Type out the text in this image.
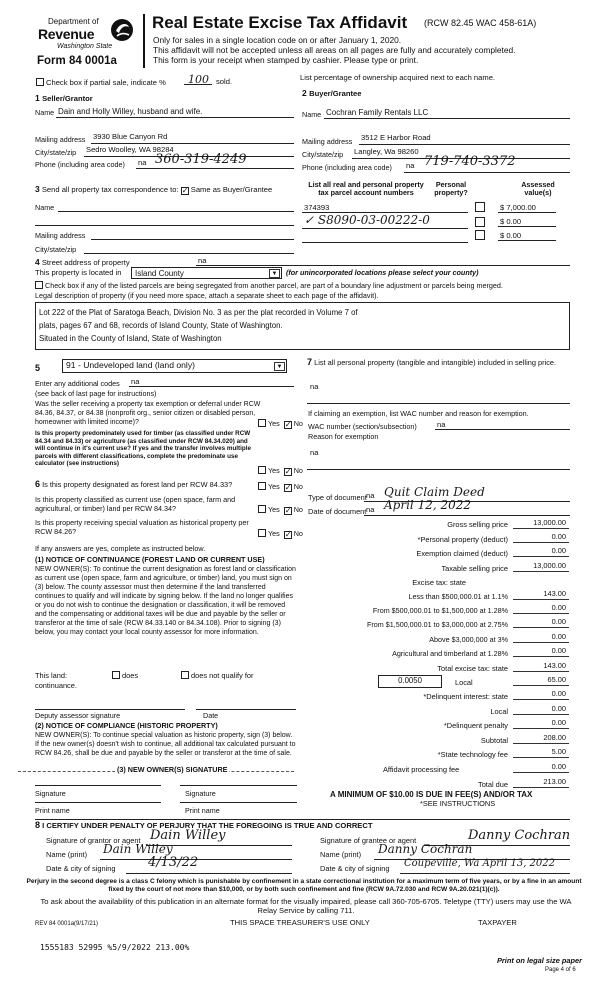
Department of
Revenue
Washington State
Form 84 0001a
Real Estate Excise Tax Affidavit (RCW 82.45 WAC 458-61A)
Only for sales in a single location code on or after January 1, 2020.
This affidavit will not be accepted unless all areas on all pages are fully and accurately completed.
This form is your receipt when stamped by cashier. Please type or print.
Check box if partial sale, indicate % 100 sold.	List percentage of ownership acquired next to each name.
1 Seller/Grantor
Name Dain and Holly Willey, husband and wife.
Mailing address 3930 Blue Canyon Rd
City/state/zip Sedro Woolley, WA 98284
Phone (including area code) na 360-319-4249
2 Buyer/Grantee
Name Cochran Family Rentals LLC
Mailing address 3512 E Harbor Road
City/state/zip Langley, Wa 98260
Phone (including area code) na 719-740-3372
3 Send all property tax correspondence to: ✓ Same as Buyer/Grantee
Name
Mailing address
City/state/zip
List all real and personal property tax parcel account numbers
Personal property?
Assessed value(s)
374393	$ 7,000.00
✓ S8090-03-00222-0	$ 0.00
$ 0.00
4 Street address of property	na
This property is located in	Island County	▼	(for unincorporated locations please select your county)
Check box if any of the listed parcels are being segregated from another parcel, are part of a boundary line adjustment or parcels being merged.
Legal description of property (if you need more space, attach a separate sheet to each page of the affidavit).
Lot 222 of the Plat of Saratoga Beach, Division No. 3 as per the plat recorded in Volume 7 of
plats, pages 67 and 68, records of Island County, State of Washington.
Situated in the County of Island, State of Washington
5	91 - Undeveloped land (land only)	▼
Enter any additional codes na
(see back of last page for instructions)
Was the seller receiving a property tax exemption or deferral under RCW 84.36, 84.37, or 84.38 (nonprofit org., senior citizen or disabled person, homeowner with limited income)?	Yes ✓ No
Is this property predominately used for timber (as classified under RCW 84.34 and 84.33) or agriculture (as classified under RCW 84.34.020) and will continue in it's current use? If yes and the transfer involves multiple parcels with different classifications, complete the predominate use calculator (see instructions)
Yes ✓ No
7 List all personal property (tangible and intangible) included in selling price.
na
If claiming an exemption, list WAC number and reason for exemption.
WAC number (section/subsection)	na
Reason for exemption
na
Type of document na Quit Claim Deed
Date of document na April 12, 2022
Gross selling price	13,000.00
*Personal property (deduct)	0.00
Exemption claimed (deduct)	0.00
Taxable selling price	13,000.00
Excise tax: state
Less than $500,000.01 at 1.1%	143.00
From $500,000.01 to $1,500,000 at 1.28%	0.00
From $1,500,000.01 to $3,000,000 at 2.75%	0.00
Above $3,000,000 at 3%	0.00
Agricultural and timberland at 1.28%	0.00
Total excise tax: state	143.00
0.0050	Local	65.00
*Delinquent interest: state	0.00
Local	0.00
*Delinquent penalty	0.00
Subtotal	208.00
*State technology fee	5.00
Affidavit processing fee	0.00
Total due	213.00
A MINIMUM OF $10.00 IS DUE IN FEE(S) AND/OR TAX
*SEE INSTRUCTIONS
6 Is this property designated as forest land per RCW 84.33?	Yes ✓ No
Is this property classified as current use (open space, farm and agricultural, or timber) land per RCW 84.34?	Yes ✓ No
Is this property receiving special valuation as historical property per RCW 84.26?	Yes ✓ No
If any answers are yes, complete as instructed below.
(1) NOTICE OF CONTINUANCE (FOREST LAND OR CURRENT USE)
NEW OWNER(S): To continue the current designation as forest land or classification as current use (open space, farm and agriculture, or timber) land, you must sign on (3) below. The county assessor must then determine if the land transferred continues to qualify and will indicate by signing below. If the land no longer qualifies or you do not wish to continue the designation or classification, it will be removed and the compensating or additional taxes will be due and payable by the seller or transferor at the time of sale (RCW 84.33.140 or 84.34.108). Prior to signing (3) below, you may contact your local county assessor for more information.
This land:	does	does not qualify for
continuance.
Deputy assessor signature	Date
(2) NOTICE OF COMPLIANCE (HISTORIC PROPERTY)
NEW OWNER(S): To continue special valuation as historic property, sign (3) below. If the new owner(s) doesn't wish to continue, all additional tax calculated pursuant to RCW 84.26, shall be due and payable by the seller or transferor at the time of sale.
(3) NEW OWNER(S) SIGNATURE
Signature	Signature
Print name	Print name
8 I CERTIFY UNDER PENALTY OF PERJURY THAT THE FOREGOING IS TRUE AND CORRECT
Signature of grantor or agent Dain Willey
Name (print) Dain Willey
Date & city of signing	4/13/22
Signature of grantee or agent	Danny Cochran
Name (print) Danny Cochran
Date & city of signing Coupeville, Wa April 13, 2022
Perjury in the second degree is a class C felony which is punishable by confinement in a state correctional institution for a maximum term of five years, or by a fine in an amount fixed by the court of not more than $10,000, or by both such confinement and fine (RCW 9A.72.030 and RCW 9A.20.021(1)(c)).
To ask about the availability of this publication in an alternate format for the visually impaired, please call 360-705-6705. Teletype (TTY) users may use the WA Relay Service by calling 711.
REV 84 0001a(9/17/21)	THIS SPACE TREASURER'S USE ONLY	TAXPAYER
1555183 52995 %5/9/2022 213.00%
Print on legal size paper
Page 4 of 6
